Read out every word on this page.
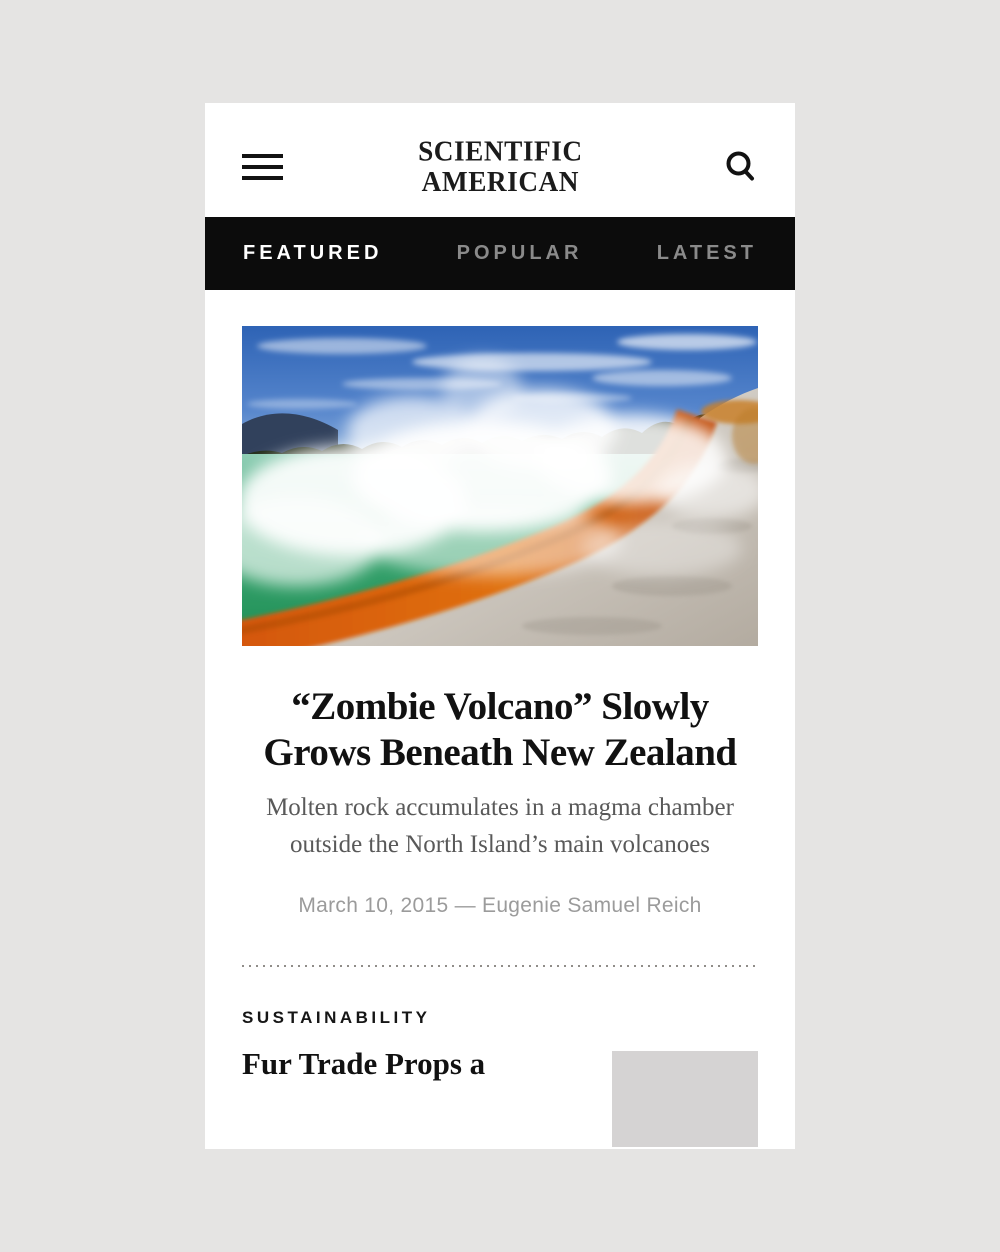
SCIENTIFIC
AMERICAN
FEATURED	POPULAR	LATEST
“Zombie Volcano” Slowly Grows Beneath New Zealand
Molten rock accumulates in a magma chamber outside the North Island’s main volcanoes
March 10, 2015 — Eugenie Samuel Reich
SUSTAINABILITY
Fur Trade Props a
